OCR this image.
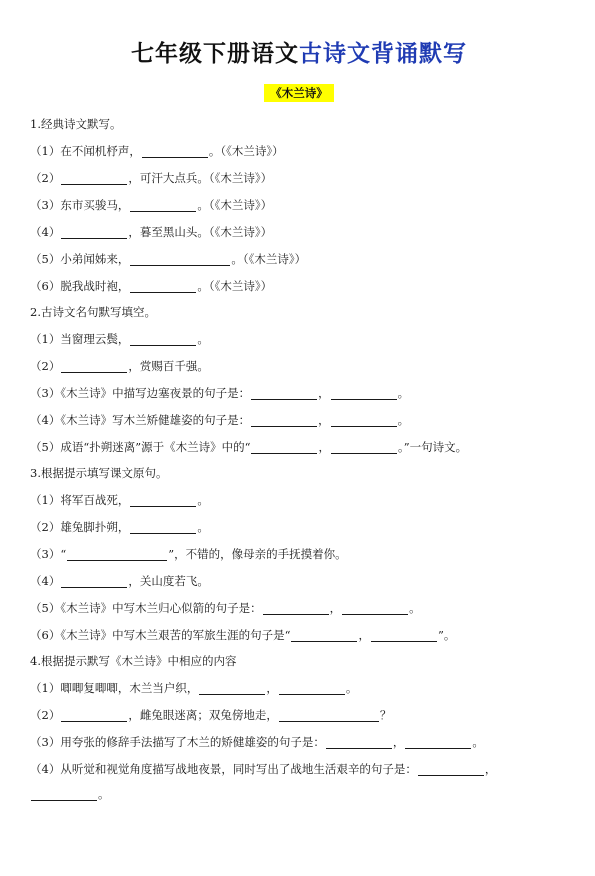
七年级下册语文古诗文背诵默写
《木兰诗》

1.经典诗文默写。

（1）在不闻机杼声，	。（《木兰诗》）

（2）	，可汗大点兵。（《木兰诗》）

（3）东市买骏马，	。（《木兰诗》）

（4）	，暮至黑山头。（《木兰诗》）

（5）小弟闻姊来，	。（《木兰诗》）

（6）脱我战时袍，	。（《木兰诗》）

2.古诗文名句默写填空。

（1）当窗理云鬓，	。

（2）	，赏赐百千强。

（3）《木兰诗》中描写边塞夜景的句子是：	，	。

（4）《木兰诗》写木兰矫健雄姿的句子是：	，	。

（5）成语“扑朔迷离”源于《木兰诗》中的“	，	。”一句诗文。

3.根据提示填写课文原句。

（1）将军百战死，	。

（2）雄兔脚扑朔，	。

（3）“	”，不错的，像母亲的手抚摸着你。

（4）	，关山度若飞。

（5）《木兰诗》中写木兰归心似箭的句子是：	，	。

（6）《木兰诗》中写木兰艰苦的军旅生涯的句子是“	，	”。

4.根据提示默写《木兰诗》中相应的内容

（1）唧唧复唧唧，木兰当户织，	，	。

（2）	，雌兔眼迷离；双兔傍地走，	？

（3）用夸张的修辞手法描写了木兰的矫健雄姿的句子是：	，	。

（4）从听觉和视觉角度描写战地夜景，同时写出了战地生活艰辛的句子是：	，

。
